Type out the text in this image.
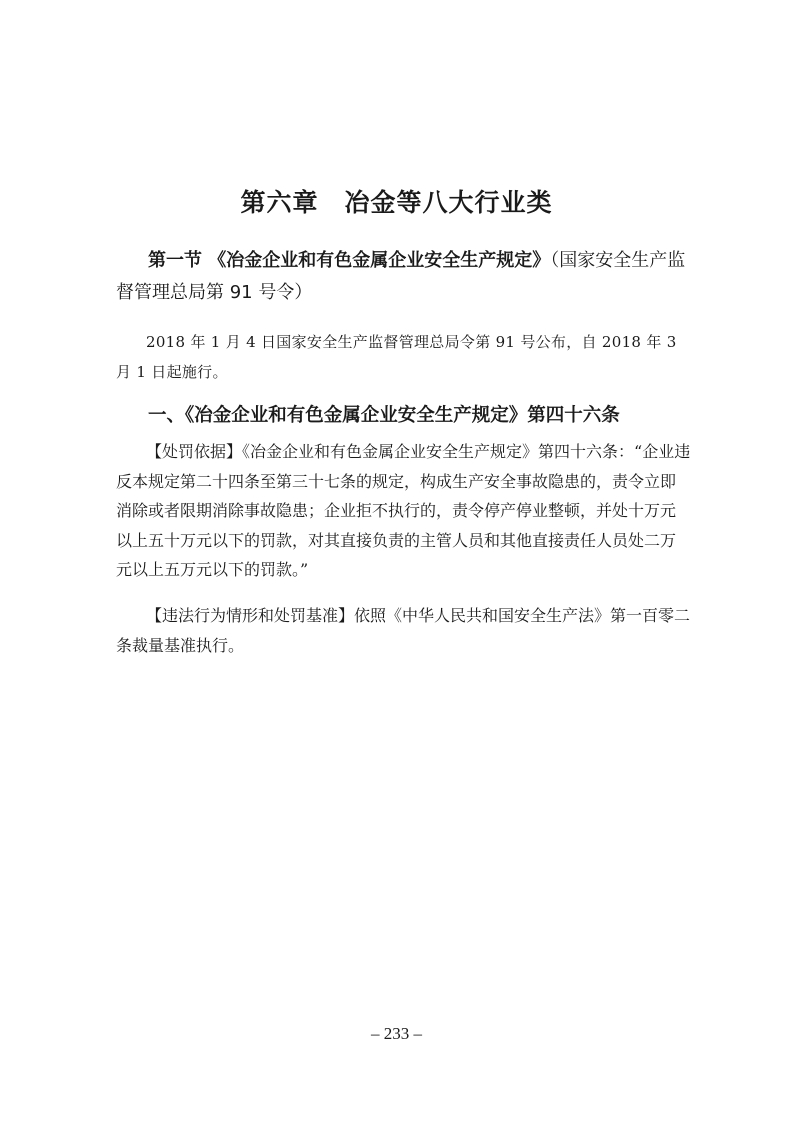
第六章　冶金等八大行业类
第一节 《冶金企业和有色金属企业安全生产规定》（国家安全生产监督管理总局第 91 号令）
2018 年 1 月 4 日国家安全生产监督管理总局令第 91 号公布，自 2018 年 3 月 1 日起施行。
一、《冶金企业和有色金属企业安全生产规定》第四十六条
【处罚依据】《冶金企业和有色金属企业安全生产规定》第四十六条：“企业违反本规定第二十四条至第三十七条的规定，构成生产安全事故隐患的，责令立即消除或者限期消除事故隐患；企业拒不执行的，责令停产停业整顿，并处十万元以上五十万元以下的罚款，对其直接负责的主管人员和其他直接责任人员处二万元以上五万元以下的罚款。”
【违法行为情形和处罚基准】依照《中华人民共和国安全生产法》第一百零二条裁量基准执行。
– 233 –
